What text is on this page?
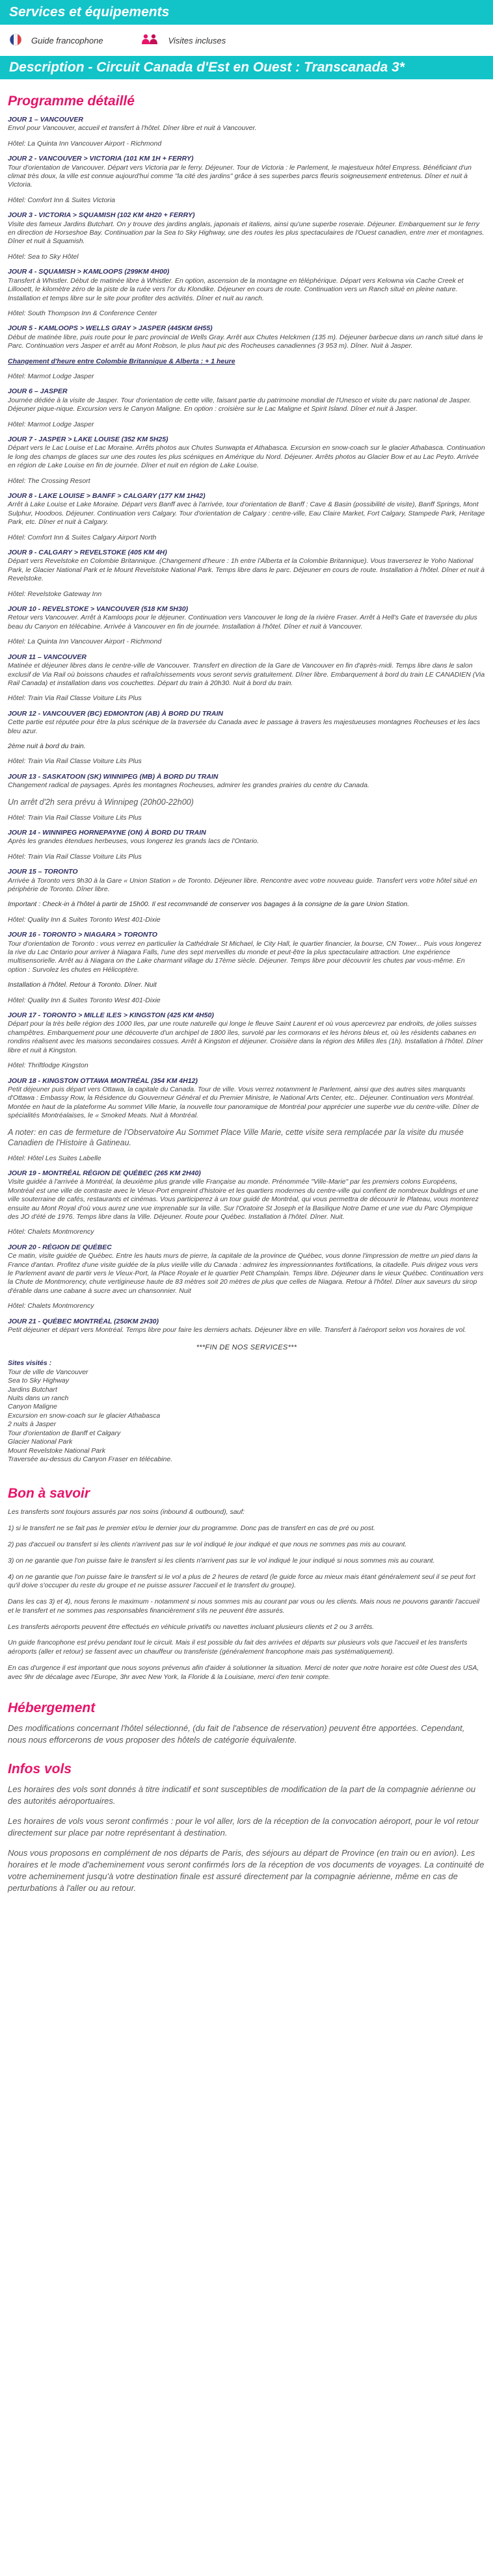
Services et équipements
Guide francophone	Visites incluses
Description - Circuit Canada d'Est en Ouest : Transcanada 3*
Programme détaillé
JOUR 1 – VANCOUVER
Envol pour Vancouver, accueil et transfert à l'hôtel. Dîner libre et nuit à Vancouver.
Hôtel: La Quinta Inn Vancouver Airport - Richmond
JOUR 2 - VANCOUVER > VICTORIA (101 KM 1H + FERRY)
Tour d'orientation de Vancouver. Départ vers Victoria par le ferry. Déjeuner. Tour de Victoria : le Parlement, le majestueux hôtel Empress. Bénéficiant d'un climat très doux, la ville est connue aujourd'hui comme "la cité des jardins" grâce à ses superbes parcs fleuris soigneusement entretenus. Dîner et nuit à Victoria.
Hôtel: Comfort Inn & Suites Victoria
JOUR 3 - VICTORIA > SQUAMISH (102 KM 4H20 + FERRY)
Visite des fameux Jardins Butchart. On y trouve des jardins anglais, japonais et italiens, ainsi qu'une superbe roseraie. Déjeuner. Embarquement sur le ferry en direction de Horseshoe Bay. Continuation par la Sea to Sky Highway, une des routes les plus spectaculaires de l'Ouest canadien, entre mer et montagnes. Dîner et nuit à Squamish.
Hôtel: Sea to Sky Hôtel
JOUR 4 - SQUAMISH > KAMLOOPS (299KM 4H00)
Transfert à Whistler. Début de matinée libre à Whistler. En option, ascension de la montagne en téléphérique. Départ vers Kelowna via Cache Creek et Lillooett, le kilomètre zéro de la piste de la ruée vers l'or du Klondike. Déjeuner en cours de route. Continuation vers un Ranch situé en pleine nature. Installation et temps libre sur le site pour profiter des activités. Dîner et nuit au ranch.
Hôtel: South Thompson Inn & Conference Center
JOUR 5 - KAMLOOPS > WELLS GRAY > JASPER (445KM 6H55)
Début de matinée libre, puis route pour le parc provincial de Wells Gray. Arrêt aux Chutes Helckmen (135 m). Déjeuner barbecue dans un ranch situé dans le Parc. Continuation vers Jasper et arrêt au Mont Robson, le plus haut pic des Rocheuses canadiennes (3 953 m). Dîner. Nuit à Jasper.
Changement d'heure entre Colombie Britannique & Alberta : + 1 heure
Hôtel: Marmot Lodge Jasper
JOUR 6 – JASPER
Journée dédiée à la visite de Jasper. Tour d'orientation de cette ville, faisant partie du patrimoine mondial de l'Unesco et visite du parc national de Jasper. Déjeuner pique-nique. Excursion vers le Canyon Maligne. En option : croisière sur le Lac Maligne et Spirit Island. Dîner et nuit à Jasper.
Hôtel: Marmot Lodge Jasper
JOUR 7 - JASPER > LAKE LOUISE (352 KM 5H25)
Départ vers le Lac Louise et Lac Moraine. Arrêts photos aux Chutes Sunwapta et Athabasca. Excursion en snow-coach sur le glacier Athabasca. Continuation le long des champs de glaces sur une des routes les plus scéniques en Amérique du Nord. Déjeuner. Arrêts photos au Glacier Bow et au Lac Peyto. Arrivée en région de Lake Louise en fin de journée. Dîner et nuit en région de Lake Louise.
Hôtel: The Crossing Resort
JOUR 8 - LAKE LOUISE > BANFF > CALGARY (177 KM 1H42)
Arrêt à Lake Louise et Lake Moraine. Départ vers Banff avec à l'arrivée, tour d'orientation de Banff : Cave & Basin (possibilité de visite), Banff Springs, Mont Sulphur, Hoodoos. Déjeuner. Continuation vers Calgary. Tour d'orientation de Calgary : centre-ville, Eau Claire Market, Fort Calgary, Stampede Park, Heritage Park, etc. Dîner et nuit à Calgary.
Hôtel: Comfort Inn & Suites Calgary Airport North
JOUR 9 - CALGARY > REVELSTOKE (405 KM 4H)
Départ vers Revelstoke en Colombie Britannique. (Changement d'heure : 1h entre l'Alberta et la Colombie Britannique). Vous traverserez le Yoho National Park, le Glacier National Park et le Mount Revelstoke National Park. Temps libre dans le parc. Déjeuner en cours de route. Installation à l'hôtel. Dîner et nuit à Revelstoke.
Hôtel: Revelstoke Gateway Inn
JOUR 10 - REVELSTOKE > VANCOUVER (518 KM 5H30)
Retour vers Vancouver. Arrêt à Kamloops pour le déjeuner. Continuation vers Vancouver le long de la rivière Fraser. Arrêt à Hell's Gate et traversée du plus beau du Canyon en télécabine. Arrivée à Vancouver en fin de journée. Installation à l'hôtel. Dîner et nuit à Vancouver.
Hôtel: La Quinta Inn Vancouver Airport - Richmond
JOUR 11 – VANCOUVER
Matinée et déjeuner libres dans le centre-ville de Vancouver. Transfert en direction de la Gare de Vancouver en fin d'après-midi. Temps libre dans le salon exclusif de Via Rail où boissons chaudes et rafraîchissements vous seront servis gratuitement. Dîner libre. Embarquement à bord du train LE CANADIEN (Via Rail Canada) et installation dans vos couchettes. Départ du train à 20h30. Nuit à bord du train.
Hôtel: Train Via Rail Classe Voiture Lits Plus
JOUR 12 - VANCOUVER (BC) EDMONTON (AB) À BORD DU TRAIN
Cette partie est réputée pour être la plus scénique de la traversée du Canada avec le passage à travers les majestueuses montagnes Rocheuses et les lacs bleu azur.
2ème nuit à bord du train.
Hôtel: Train Via Rail Classe Voiture Lits Plus
JOUR 13 - SASKATOON (SK) WINNIPEG (MB) À BORD DU TRAIN
Changement radical de paysages. Après les montagnes Rocheuses, admirer les grandes prairies du centre du Canada.
Un arrêt d'2h sera prévu à Winnipeg (20h00-22h00)
Hôtel: Train Via Rail Classe Voiture Lits Plus
JOUR 14 - WINNIPEG HORNEPAYNE (ON) À BORD DU TRAIN
Après les grandes étendues herbeuses, vous longerez les grands lacs de l'Ontario.
Hôtel: Train Via Rail Classe Voiture Lits Plus
JOUR 15 – TORONTO
Arrivée à Toronto vers 9h30 à la Gare « Union Station » de Toronto. Déjeuner libre. Rencontre avec votre nouveau guide. Transfert vers votre hôtel situé en périphérie de Toronto. Dîner libre.
Important : Check-in à l'hôtel à partir de 15h00. Il est recommandé de conserver vos bagages à la consigne de la gare Union Station.
Hôtel: Quality Inn & Suites Toronto West 401-Dixie
JOUR 16 - TORONTO > NIAGARA > TORONTO
Tour d'orientation de Toronto : vous verrez en particulier la Cathédrale St Michael, le City Hall, le quartier financier, la bourse, CN Tower... Puis vous longerez la rive du Lac Ontario pour arriver à Niagara Falls, l'une des sept merveilles du monde et peut-être la plus spectaculaire attraction. Une expérience multisensorielle. Arrêt au à Niagara on the Lake charmant village du 17ème siècle. Déjeuner. Temps libre pour découvrir les chutes par vous-même. En option : Survolez les chutes en Hélicoptère.
Installation à l'hôtel. Retour à Toronto. Dîner. Nuit
Hôtel: Quality Inn & Suites Toronto West 401-Dixie
JOUR 17 - TORONTO > MILLE ILES > KINGSTON (425 KM 4H50)
Départ pour la très belle région des 1000 Iles, par une route naturelle qui longe le fleuve Saint Laurent et où vous apercevrez par endroits, de jolies suisses champêtres. Embarquement pour une découverte d'un archipel de 1800 îles, survolé par les cormorans et les hérons bleus et, où les résidents cabanes en rondins réalisent avec les maisons secondaires cossues. Arrêt à Kingston et déjeuner. Croisière dans la région des Milles Iles (1h). Installation à l'hôtel. Dîner libre et nuit à Kingston.
Hôtel: Thriftlodge Kingston
JOUR 18 - KINGSTON OTTAWA MONTRÉAL (354 KM 4H12)
Petit déjeuner puis départ vers Ottawa, la capitale du Canada. Tour de ville. Vous verrez notamment le Parlement, ainsi que des autres sites marquants d'Ottawa : Embassy Row, la Résidence du Gouverneur Général et du Premier Ministre, le National Arts Center, etc.. Déjeuner. Continuation vers Montréal. Montée en haut de la plateforme Au sommet Ville Marie, la nouvelle tour panoramique de Montréal pour apprécier une superbe vue du centre-ville. Dîner de spécialités Montréalaises, le « Smoked Meats. Nuit à Montréal.
A noter: en cas de fermeture de l'Observatoire Au Sommet Place Ville Marie, cette visite sera remplacée par la visite du musée Canadien de l'Histoire à Gatineau.
Hôtel: Hôtel Les Suites Labelle
JOUR 19 - MONTRÉAL RÉGION DE QUÉBEC (265 KM 2H40)
Visite guidée à l'arrivée à Montréal, la deuxième plus grande ville Française au monde. Prénommée "Ville-Marie" par les premiers colons Européens, Montréal est une ville de contraste avec le Vieux-Port empreint d'histoire et les quartiers modernes du centre-ville qui confient de nombreux buildings et une ville souterraine de cafés, restaurants et cinémas. Vous participerez à un tour guidé de Montréal, qui vous permettra de découvrir le Plateau, vous monterez ensuite au Mont Royal d'où vous aurez une vue imprenable sur la ville. Sur l'Oratoire St Joseph et la Basilique Notre Dame et une vue du Parc Olympique des JO d'été de 1976. Temps libre dans la Ville. Déjeuner. Route pour Québec. Installation à l'hôtel. Dîner. Nuit.
Hôtel: Chalets Montmorency
JOUR 20 - RÉGION DE QUÉBEC
Ce matin, visite guidée de Québec. Entre les hauts murs de pierre, la capitale de la province de Québec, vous donne l'impression de mettre un pied dans la France d'antan. Profitez d'une visite guidée de la plus vieille ville du Canada : admirez les impressionnantes fortifications, la citadelle. Puis dirigez vous vers le Parlement avant de partir vers le Vieux-Port, la Place Royale et le quartier Petit Champlain. Temps libre. Déjeuner dans le vieux Québec. Continuation vers la Chute de Montmorency, chute vertigineuse haute de 83 mètres soit 20 mètres de plus que celles de Niagara. Retour à l'hôtel. Dîner aux saveurs du sirop d'érable dans une cabane à sucre avec un chansonnier. Nuit
Hôtel: Chalets Montmorency
JOUR 21 - QUÉBEC MONTRÉAL (250KM 2H30)
Petit déjeuner et départ vers Montréal. Temps libre pour faire les derniers achats. Déjeuner libre en ville. Transfert à l'aéroport selon vos horaires de vol.
***FIN DE NOS SERVICES***
Sites visités :
Tour de ville de Vancouver
Sea to Sky Highway
Jardins Butchart
Nuits dans un ranch
Canyon Maligne
Excursion en snow-coach sur le glacier Athabasca
2 nuits à Jasper
Tour d'orientation de Banff et Calgary
Glacier National Park
Mount Revelstoke National Park
Traversée au-dessus du Canyon Fraser en télécabine.
Bon à savoir
Les transferts sont toujours assurés par nos soins (inbound & outbound), sauf:
1) si le transfert ne se fait pas le premier et/ou le dernier jour du programme. Donc pas de transfert en cas de pré ou post.
2) pas d'accueil ou transfert si les clients n'arrivent pas sur le vol indiqué le jour indiqué et que nous ne sommes pas mis au courant.
3) on ne garantie que l'on puisse faire le transfert si les clients n'arrivent pas sur le vol indiqué le jour indiqué si nous sommes mis au courant.
4) on ne garantie que l'on puisse faire le transfert si le vol a plus de 2 heures de retard (le guide force au mieux mais étant généralement seul il se peut fort qu'il doive s'occuper du reste du groupe et ne puisse assurer l'accueil et le transfert du groupe).
Dans les cas 3) et 4), nous ferons le maximum - notamment si nous sommes mis au courant par vous ou les clients. Mais nous ne pouvons garantir l'accueil et le transfert et ne sommes pas responsables financièrement s'ils ne peuvent être assurés.
Les transferts aéroports peuvent être effectués en véhicule privatifs ou navettes incluant plusieurs clients et 2 ou 3 arrêts.
Un guide francophone est prévu pendant tout le circuit. Mais il est possible du fait des arrivées et départs sur plusieurs vols que l'accueil et les transferts aéroports (aller et retour) se fassent avec un chauffeur ou transferiste (généralement francophone mais pas systématiquement).
En cas d'urgence il est important que nous soyons prévenus afin d'aider à solutionner la situation. Merci de noter que notre horaire est côte Ouest des USA, avec 9hr de décalage avec l'Europe, 3hr avec New York, la Floride & la Louisiane, merci d'en tenir compte.
Hébergement
Des modifications concernant l'hôtel sélectionné, (du fait de l'absence de réservation) peuvent être apportées. Cependant, nous nous efforcerons de vous proposer des hôtels de catégorie équivalente.
Infos vols
Les horaires des vols sont donnés à titre indicatif et sont susceptibles de modification de la part de la compagnie aérienne ou des autorités aéroportuaires.
Les horaires de vols vous seront confirmés : pour le vol aller, lors de la réception de la convocation aéroport, pour le vol retour directement sur place par notre représentant à destination.
Nous vous proposons en complément de nos départs de Paris, des séjours au départ de Province (en train ou en avion). Les horaires et le mode d'acheminement vous seront confirmés lors de la réception de vos documents de voyages. La continuité de votre acheminement jusqu'à votre destination finale est assuré directement par la compagnie aérienne, même en cas de perturbations à l'aller ou au retour.
